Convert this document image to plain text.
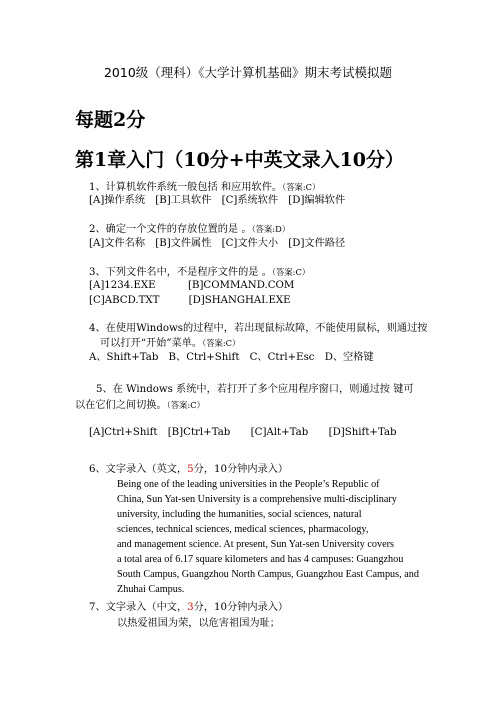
2010级（理科）《大学计算机基础》期末考试模拟题
每题2分
第1章入门（10分+中英文录入10分）
1、计算机软件系统一般包括 和应用软件。（答案:C）
[A]操作系统　[B]工具软件　[C]系统软件　[D]编辑软件
2、确定一个文件的存放位置的是 。（答案:D）
[A]文件名称　[B]文件属性　[C]文件大小　[D]文件路径
3、下列文件名中，不是程序文件的是 。（答案:C）
[A]1234.EXE          [B]COMMAND.COM
[C]ABCD.TXT         [D]SHANGHAI.EXE
4、在使用Windows的过程中，若出现鼠标故障，不能使用鼠标，则通过按
可以打开“开始”菜单。（答案:C）
A、Shift+Tab　B、Ctrl+Shift　C、Ctrl+Esc　D、空格键
5、在 Windows 系统中，若打开了多个应用程序窗口，则通过按 键可
以在它们之间切换。（答案:C）
[A]Ctrl+Shift　[B]Ctrl+Tab　　[C]Alt+Tab　　[D]Shift+Tab
6、文字录入（英文，5分，10分钟内录入）
Being one of the leading universities in the People’s Republic of
China, Sun Yat-sen University is a comprehensive multi-disciplinary
university, including the humanities, social sciences, natural
sciences, technical sciences, medical sciences, pharmacology,
and management science. At present, Sun Yat-sen University covers
a total area of 6.17 square kilometers and has 4 campuses: Guangzhou
South Campus, Guangzhou North Campus, Guangzhou East Campus, and
Zhuhai Campus.
7、文字录入（中文，3分，10分钟内录入）
以热爱祖国为荣，以危害祖国为耻；
